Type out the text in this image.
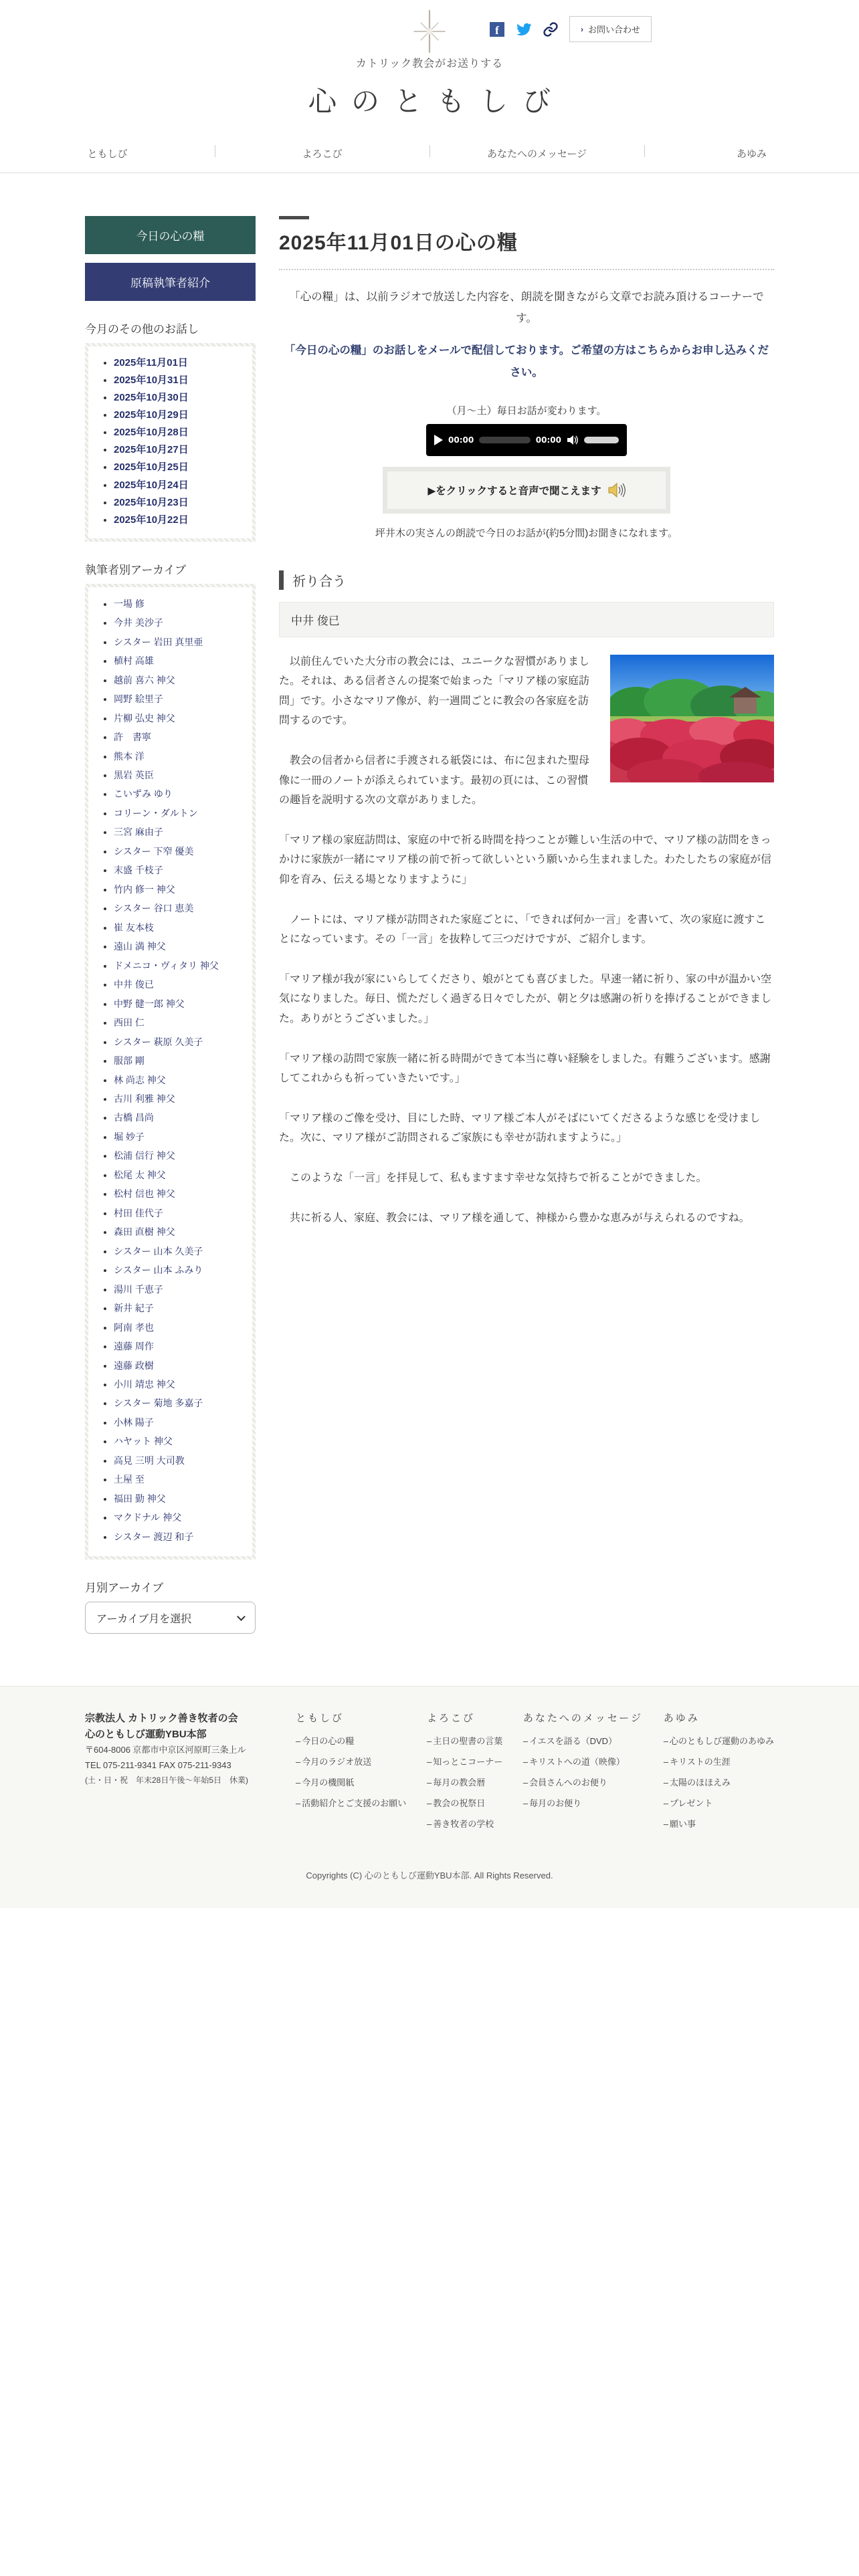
f	› お問い合わせ

カトリック教会がお送りする

心のともしび
ともしび	よろこび	あなたへのメッセージ	あゆみ
今日の心の糧
原稿執筆者紹介
今月のその他のお話し
• 2025年11月01日
• 2025年10月31日
• 2025年10月30日
• 2025年10月29日
• 2025年10月28日
• 2025年10月27日
• 2025年10月25日
• 2025年10月24日
• 2025年10月23日
• 2025年10月22日
執筆者別アーカイブ
• 一場 修
• 今井 美沙子
• シスター 岩田 真里亜
• 植村 高雄
• 越前 喜六 神父
• 岡野 絵里子
• 片柳 弘史 神父
• 許　書寧
• 熊本 洋
• 黒岩 英臣
• こいずみ ゆり
• コリーン・ダルトン
• 三宮 麻由子
• シスター 下窄 優美
• 末盛 千枝子
• 竹内 修一 神父
• シスター 谷口 恵美
• 崔 友本枝
• 遠山 満 神父
• ドメニコ・ヴィタリ 神父
• 中井 俊已
• 中野 健一郎 神父
• 西田 仁
• シスター 萩原 久美子
• 服部 剛
• 林 尚志 神父
• 古川 利雅 神父
• 古橋 昌尚
• 堀 妙子
• 松浦 信行 神父
• 松尾 太 神父
• 松村 信也 神父
• 村田 佳代子
• 森田 直樹 神父
• シスター 山本 久美子
• シスター 山本 ふみり
• 湯川 千恵子
• 新井 紀子
• 阿南 孝也
• 遠藤 周作
• 遠藤 政樹
• 小川 靖忠 神父
• シスター 菊地 多嘉子
• 小林 陽子
• ハヤット 神父
• 高見 三明 大司教
• 土屋 至
• 福田 勤 神父
• マクドナル 神父
• シスター 渡辺 和子
月別アーカイブ
アーカイブ月を選択
2025年11月01日の心の糧

「心の糧」は、以前ラジオで放送した内容を、朗読を聞きながら文章でお読み頂けるコーナーです。

「今日の心の糧」のお話しをメールで配信しております。ご希望の方はこちらからお申し込みください。

（月～土）毎日お話が変わります。

00:00	00:00
▶をクリックすると音声で聞こえます

坪井木の実さんの朗読で今日のお話が(約5分間)お聞きになれます。

祈り合う
中井 俊已

　以前住んでいた大分市の教会には、ユニークな習慣がありました。それは、ある信者さんの提案で始まった「マリア様の家庭訪問」です。小さなマリア像が、約一週間ごとに教会の各家庭を訪問するのです。

　教会の信者から信者に手渡される紙袋には、布に包まれた聖母像に一冊のノートが添えられています。最初の頁には、この習慣の趣旨を説明する次の文章がありました。

「マリア様の家庭訪問は、家庭の中で祈る時間を持つことが難しい生活の中で、マリア様の訪問をきっかけに家族が一緒にマリア様の前で祈って欲しいという願いから生まれました。わたしたちの家庭が信仰を育み、伝える場となりますように」

　ノートには、マリア様が訪問された家庭ごとに、「できれば何か一言」を書いて、次の家庭に渡すことになっています。その「一言」を抜粋して三つだけですが、ご紹介します。

「マリア様が我が家にいらしてくださり、娘がとても喜びました。早速一緒に祈り、家の中が温かい空気になりました。毎日、慌ただしく過ぎる日々でしたが、朝と夕は感謝の祈りを捧げることができました。ありがとうございました。」

「マリア様の訪問で家族一緒に祈る時間ができて本当に尊い経験をしました。有難うございます。感謝してこれからも祈っていきたいです。」

「マリア様のご像を受け、目にした時、マリア様ご本人がそばにいてくださるような感じを受けました。次に、マリア様がご訪問されるご家族にも幸せが訪れますように。」

　このような「一言」を拝見して、私もますます幸せな気持ちで祈ることができました。

　共に祈る人、家庭、教会には、マリア様を通して、神様から豊かな恵みが与えられるのですね。

宗教法人 カトリック善き牧者の会
心のともしび運動YBU本部
〒604-8006 京都市中京区河原町三条上ル
TEL 075-211-9341 FAX 075-211-9343
(土・日・祝　年末28日午後～年始5日　休業)
ともしび
– 今日の心の糧
– 今月のラジオ放送
– 今月の機関紙
– 活動紹介とご支援のお願い
よろこび
– 主日の聖書の言葉
– 知っとこコーナー
– 毎月の教会暦
– 教会の祝祭日
– 善き牧者の学校
あなたへのメッセージ
– イエスを語る（DVD）
– キリストへの道（映像）
– 会員さんへのお便り
– 毎月のお便り
あゆみ
– 心のともしび運動のあゆみ
– キリストの生涯
– 太陽のほほえみ
– プレゼント
– 願い事
Copyrights (C) 心のともしび運動YBU本部. All Rights Reserved.
